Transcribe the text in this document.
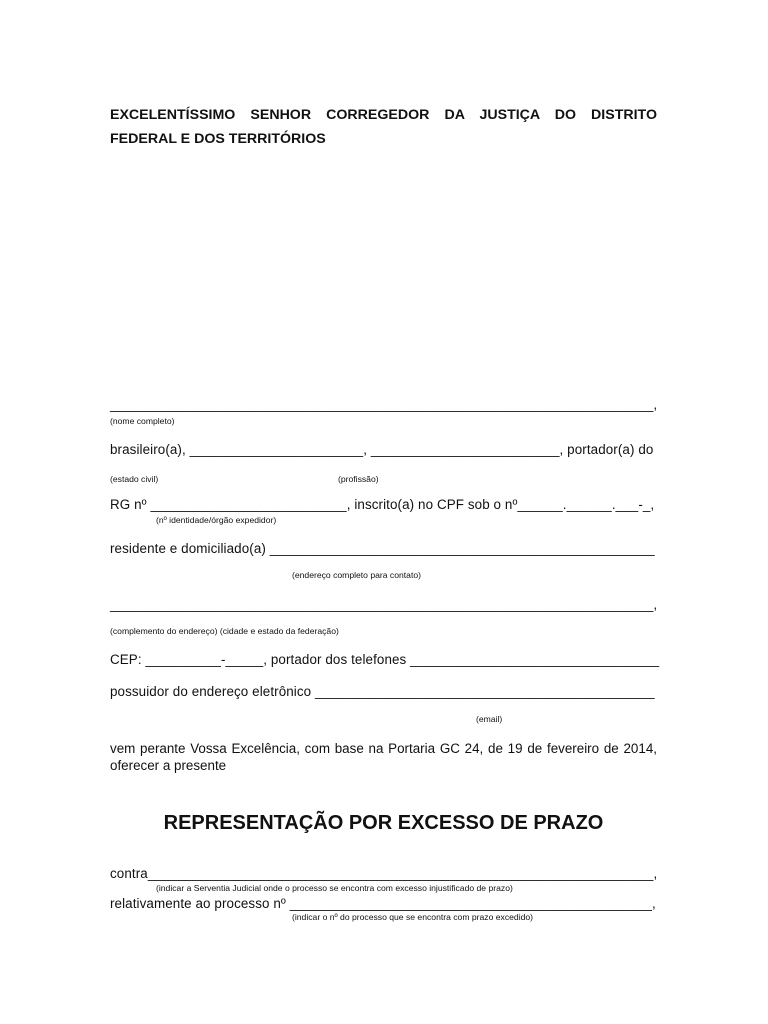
EXCELENTÍSSIMO SENHOR CORREGEDOR DA JUSTIÇA DO DISTRITO
FEDERAL E DOS TERRITÓRIOS
________________________________________________________________________,
(nome completo)
brasileiro(a), _______________________, _________________________, portador(a) do
(estado civil)	(profissão)
RG nº __________________________, inscrito(a) no CPF sob o nº______.______.___-_,
(nº identidade/órgão expedidor)
residente e domiciliado(a) ___________________________________________________
(endereço completo para contato)
________________________________________________________________________,
(complemento do endereço) (cidade e estado da federação)
CEP: __________-_____, portador dos telefones _________________________________
possuidor do endereço eletrônico _____________________________________________
(email)
vem perante Vossa Excelência, com base na Portaria GC 24, de 19 de fevereiro de 2014,
oferecer a presente
REPRESENTAÇÃO POR EXCESSO DE PRAZO
contra___________________________________________________________________,
(indicar a Serventia Judicial onde o processo se encontra com excesso injustificado de prazo)
relativamente ao processo nº ________________________________________________,
(indicar o nº do processo que se encontra com prazo excedido)
